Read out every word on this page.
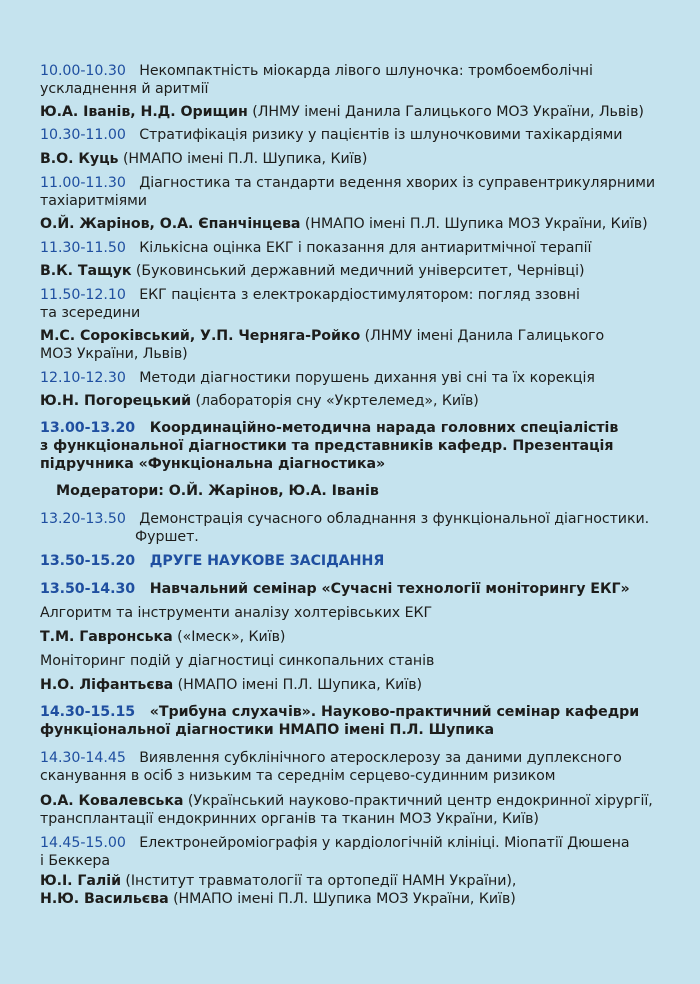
10.00-10.30 Некомпактність міокарда лівого шлуночка: тромбоемболічні
ускладнення й аритмії
Ю.А. Іванів, Н.Д. Орищин (ЛНМУ імені Данила Галицького МОЗ України, Львів)
10.30-11.00 Стратифікація ризику у пацієнтів із шлуночковими тахікардіями
В.О. Куць (НМАПО імені П.Л. Шупика, Київ)
11.00-11.30 Діагностика та стандарти ведення хворих із суправентрикулярними
тахіаритміями
О.Й. Жарінов, О.А. Єпанчінцева (НМАПО імені П.Л. Шупика МОЗ України, Київ)
11.30-11.50 Кількісна оцінка ЕКГ і показання для антиаритмічної терапії
В.К. Тащук (Буковинський державний медичний університет, Чернівці)
11.50-12.10 ЕКГ пацієнта з електрокардіостимулятором: погляд ззовні
та зсередини
М.С. Сороківський, У.П. Черняга-Ройко (ЛНМУ імені Данила Галицького
МОЗ України, Львів)
12.10-12.30 Методи діагностики порушень дихання уві сні та їх корекція
Ю.Н. Погорецький (лабораторія сну «Укртелемед», Київ)
13.00-13.20 Координаційно-методична нарада головних спеціалістів
з функціональної діагностики та представників кафедр. Презентація
підручника «Функціональна діагностика»
Модератори: О.Й. Жарінов, Ю.А. Іванів
13.20-13.50 Демонстрація сучасного обладнання з функціональної діагностики.
Фуршет.
13.50-15.20 ДРУГЕ НАУКОВЕ ЗАСІДАННЯ
13.50-14.30 Навчальний семінар «Сучасні технології моніторингу ЕКГ»
Алгоритм та інструменти аналізу холтерівських ЕКГ
Т.М. Гавронська («Імеск», Київ)
Моніторинг подій у діагностиці синкопальних станів
Н.О. Ліфантьєва (НМАПО імені П.Л. Шупика, Київ)
14.30-15.15 «Трибуна слухачів». Науково-практичний семінар кафедри
функціональної діагностики НМАПО імені П.Л. Шупика
14.30-14.45 Виявлення субклінічного атеросклерозу за даними дуплексного
сканування в осіб з низьким та середнім серцево-судинним ризиком
О.А. Ковалевська (Український науково-практичний центр ендокринної хірургії,
трансплантації ендокринних органів та тканин МОЗ України, Київ)
14.45-15.00 Електронейроміографія у кардіологічній клініці. Міопатії Дюшена
і Беккера
Ю.І. Галій (Інститут травматології та ортопедії НАМН України),
Н.Ю. Васильєва (НМАПО імені П.Л. Шупика МОЗ України, Київ)
